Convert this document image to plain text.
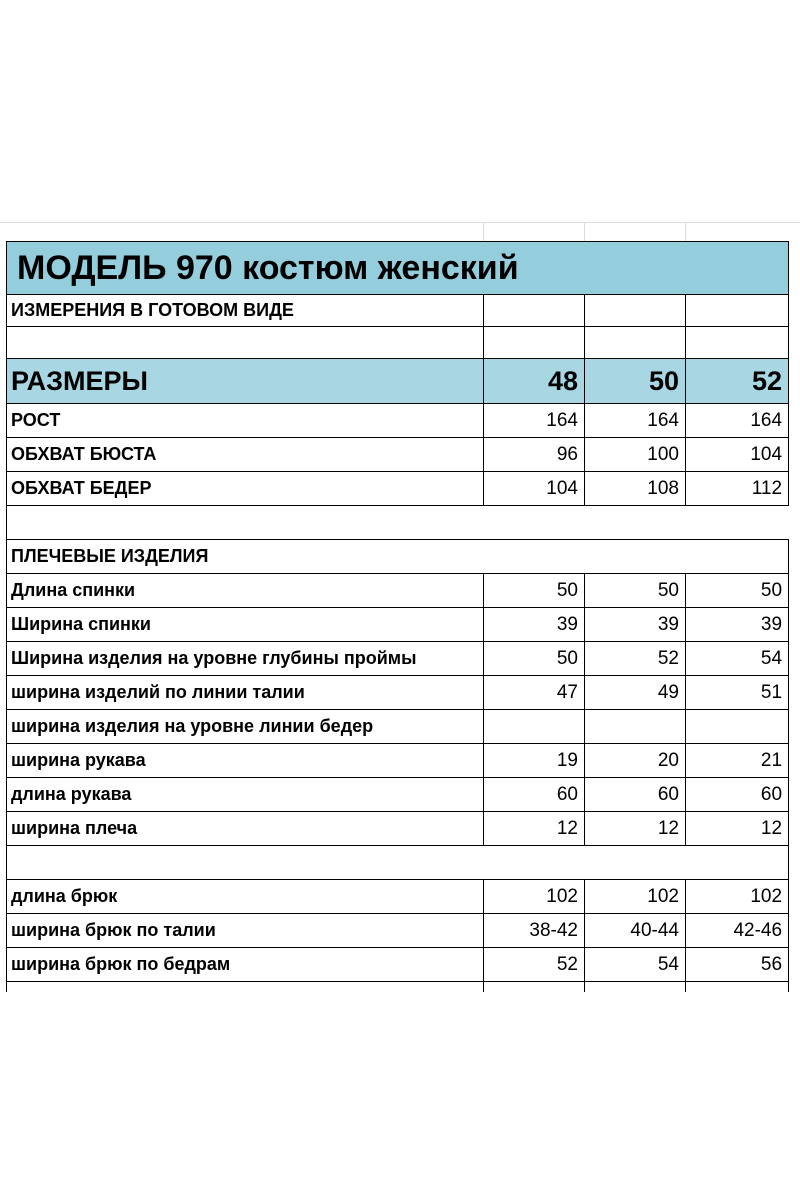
МОДЕЛЬ 970 костюм женский			
ИЗМЕРЕНИЯ В ГОТОВОМ ВИДЕ			

РАЗМЕРЫ	48	50	52
РОСТ	164	164	164
ОБХВАТ БЮСТА	96	100	104
ОБХВАТ БЕДЕР	104	108	112

ПЛЕЧЕВЫЕ ИЗДЕЛИЯ			
Длина спинки	50	50	50
Ширина спинки	39	39	39
Ширина изделия на уровне глубины проймы	50	52	54
ширина изделий по линии талии	47	49	51
ширина изделия на уровне линии бедер			
ширина рукава	19	20	21
длина рукава	60	60	60
ширина плеча	12	12	12

длина брюк	102	102	102
ширина брюк по талии	38-42	40-44	42-46
ширина брюк по бедрам	52	54	56
